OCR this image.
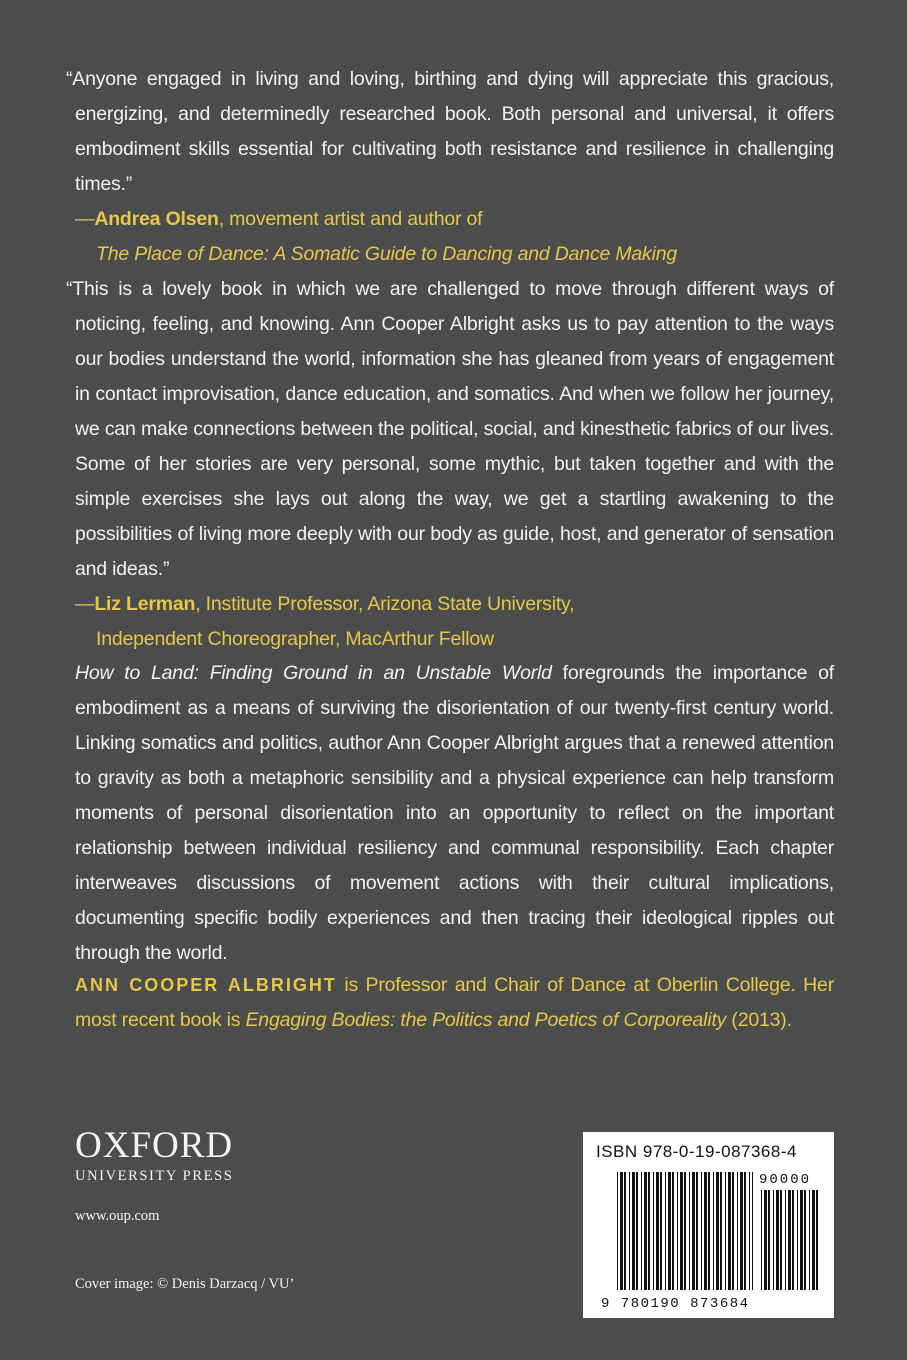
“Anyone engaged in living and loving, birthing and dying will appreciate this gracious, energizing, and determinedly researched book. Both personal and universal, it offers embodiment skills essential for cultivating both resistance and resilience in challenging times.”

—Andrea Olsen, movement artist and author of
The Place of Dance: A Somatic Guide to Dancing and Dance Making

“This is a lovely book in which we are challenged to move through different ways of noticing, feeling, and knowing. Ann Cooper Albright asks us to pay attention to the ways our bodies understand the world, information she has gleaned from years of engagement in contact improvisation, dance education, and somatics. And when we follow her journey, we can make connections between the political, social, and kinesthetic fabrics of our lives. Some of her stories are very personal, some mythic, but taken together and with the simple exercises she lays out along the way, we get a startling awakening to the possibilities of living more deeply with our body as guide, host, and generator of sensation and ideas.”

—Liz Lerman, Institute Professor, Arizona State University,
Independent Choreographer, MacArthur Fellow

How to Land: Finding Ground in an Unstable World foregrounds the importance of embodiment as a means of surviving the disorientation of our twenty-first century world. Linking somatics and politics, author Ann Cooper Albright argues that a renewed attention to gravity as both a metaphoric sensibility and a physical experience can help transform moments of personal disorientation into an opportunity to reflect on the important relationship between individual resiliency and communal responsibility. Each chapter interweaves discussions of movement actions with their cultural implications, documenting specific bodily experiences and then tracing their ideological ripples out through the world.

ANN COOPER ALBRIGHT is Professor and Chair of Dance at Oberlin College. Her most recent book is Engaging Bodies: the Politics and Poetics of Corporeality (2013).

OXFORD
UNIVERSITY PRESS
www.oup.com
Cover image: © Denis Darzacq / VU’
ISBN 978-0-19-087368-4
90000
9 780190 873684
